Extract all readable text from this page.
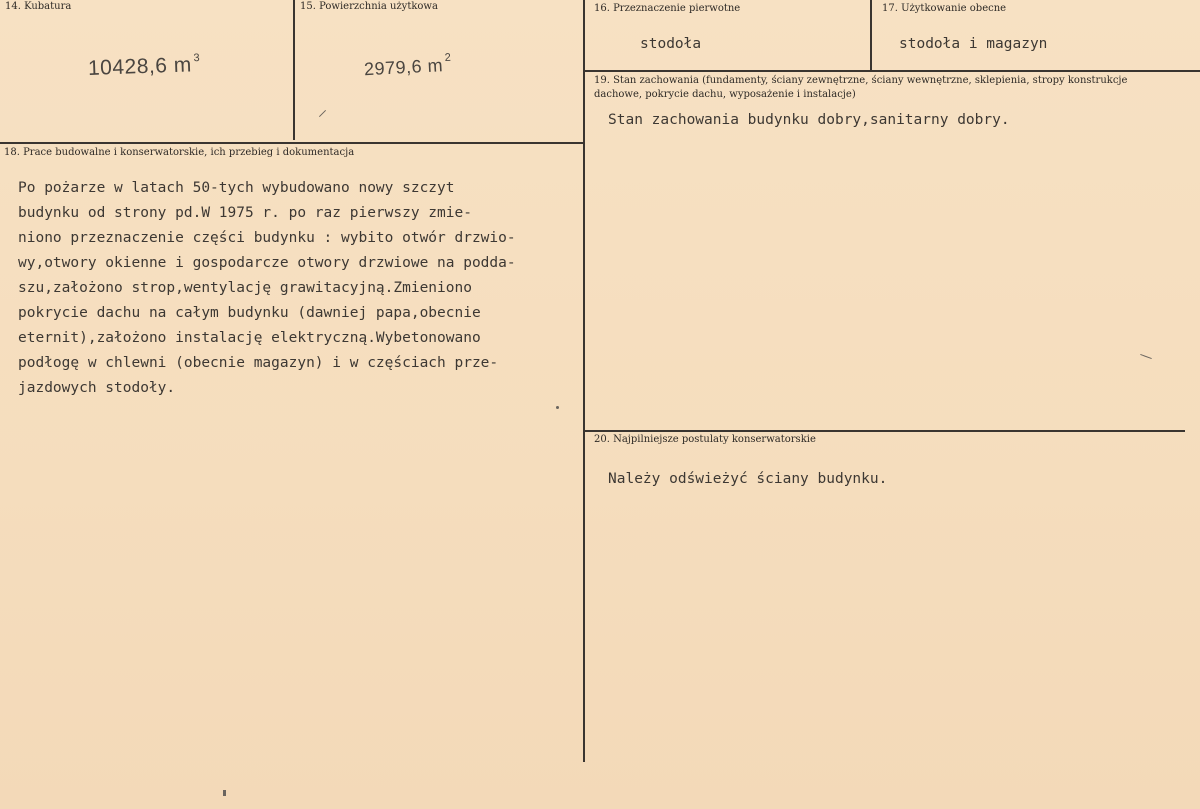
14. Kubatura
10428,6 $m^3$
15. Powierzchnia użytkowa
2979,6 $m^2$
16. Przeznaczenie pierwotne
stodoła
17. Użytkowanie obecne
stodoła i magazyn
18. Prace budowalne i konserwatorskie, ich przebieg i dokumentacja
Po pożarze w latach 50-tych wybudowano nowy szczyt
budynku od strony pd.W 1975 r. po raz pierwszy zmie-
niono przeznaczenie części budynku : wybito otwór drzwio-
wy,otwory okienne i gospodarcze otwory drzwiowe na podda-
szu,założono strop,wentylację grawitacyjną.Zmieniono
pokrycie dachu na całym budynku (dawniej papa,obecnie
eternit),założono instalację elektryczną.Wybetonowano
podłogę w chlewni (obecnie magazyn) i w częściach prze-
jazdowych stodoły.
19. Stan zachowania (fundamenty, ściany zewnętrzne, ściany wewnętrzne, sklepienia, stropy konstrukcje dachowe, pokrycie dachu, wyposażenie i instalacje)
Stan zachowania budynku dobry,sanitarny dobry.
20. Najpilniejsze postulaty konserwatorskie
Należy odświeżyć ściany budynku.
